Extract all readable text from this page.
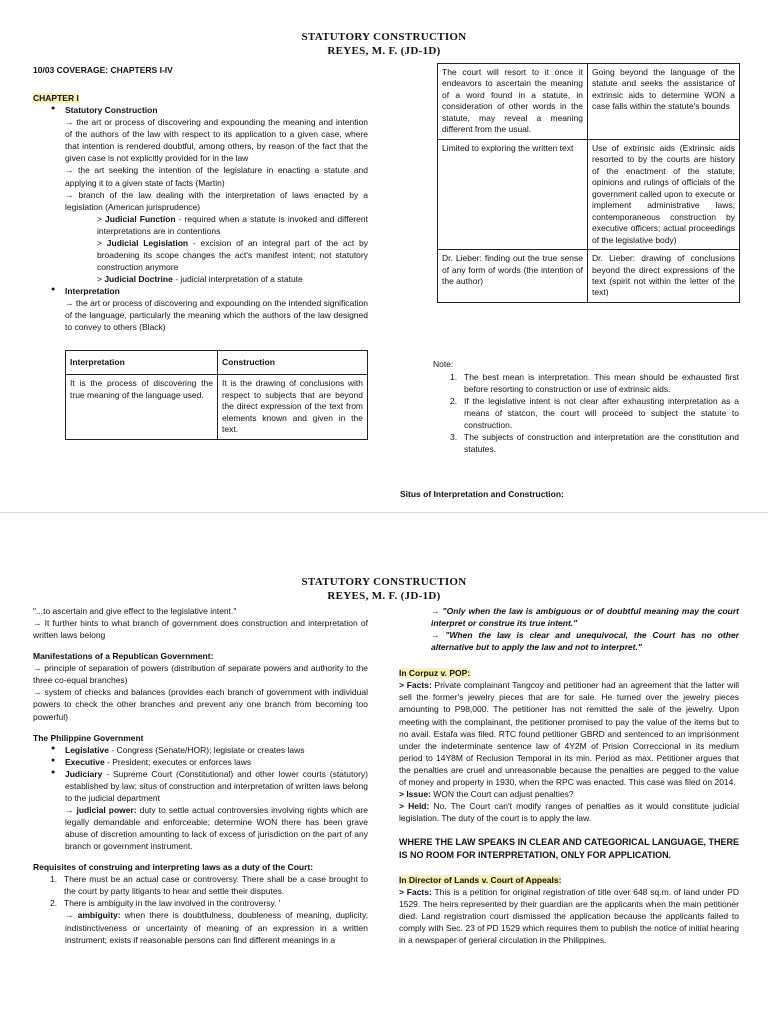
STATUTORY CONSTRUCTION
REYES, M. F. (JD-1D)
10/03 COVERAGE: CHAPTERS I-IV
CHAPTER I
● Statutory Construction
→ the art or process of discovering and expounding the meaning and intention of the authors of the law with respect to its application to a given case, where that intention is rendered doubtful, among others, by reason of the fact that the given case is not explicitly provided for in the law
→ the art seeking the intention of the legislature in enacting a statute and applying it to a given state of facts (Martin)
→ branch of the law dealing with the interpretation of laws enacted by a legislation (American jurisprudence)
> Judicial Function - required when a statute is invoked and different interpretations are in contentions
> Judicial Legislation - excision of an integral part of the act by broadening its scope changes the act's manifest intent; not statutory construction anymore
> Judicial Doctrine - judicial interpretation of a statute
● Interpretation
→ the art or process of discovering and expounding on the intended signification of the language, particularly the meaning which the authors of the law designed to convey to others (Black)
Interpretation	Construction
It is the process of discovering the true meaning of the language used.	It is the drawing of conclusions with respect to subjects that are beyond the direct expression of the text from elements known and given in the text.
The court will resort to it once it endeavors to ascertain the meaning of a word found in a statute, in consideration of other words in the statute, may reveal a meaning different from the usual.	Going beyond the language of the statute and seeks the assistance of extrinsic aids to determine WON a case falls within the statute's bounds
Limited to exploring the written text	Use of extrinsic aids (Extrinsic aids resorted to by the courts are history of the enactment of the statute; opinions and rulings of officials of the government called upon to execute or implement administrative laws; contemporaneous construction by executive officers; actual proceedings of the legislative body)
Dr. Lieber: finding out the true sense of any form of words (the intention of the author)	Dr. Lieber: drawing of conclusions beyond the direct expressions of the text (spirit not within the letter of the text)
Note:
1. The best mean is interpretation. This mean should be exhausted first before resorting to construction or use of extrinsic aids.
2. If the legislative intent is not clear after exhausting interpretation as a means of statcon, the court will proceed to subject the statute to construction.
3. The subjects of construction and interpretation are the constitution and statutes.
Situs of Interpretation and Construction:
STATUTORY CONSTRUCTION
REYES, M. F. (JD-1D)
"...to ascertain and give effect to the legislative intent."
→ It further hints to what branch of government does construction and interpretation of written laws belong
Manifestations of a Republican Government:
→ principle of separation of powers (distribution of separate powers and authority to the three co-equal branches)
→ system of checks and balances (provides each branch of government with individual powers to check the other branches and prevent any one branch from becoming too powerful)
The Philippine Government
● Legislative - Congress (Senate/HOR); legislate or creates laws
● Executive - President; executes or enforces laws
● Judiciary - Supreme Court (Constitutional) and other lower courts (statutory) established by law; situs of construction and interpretation of written laws belong to the judicial department
→ judicial power: duty to settle actual controversies involving rights which are legally demandable and enforceable; determine WON there has been grave abuse of discretion amounting to lack of excess of jurisdiction on the part of any branch or government instrument.
Requisites of construing and interpreting laws as a duty of the Court:
1. There must be an actual case or controversy. There shall be a case brought to the court by party litigants to hear and settle their disputes.
2. There is ambiguity in the law involved in the controversy. '
→ ambiguity: when there is doubtfulness, doubleness of meaning, duplicity, indistinctiveness or uncertainty of meaning of an expression in a written instrument; exists if reasonable persons can find different meanings in a
→ "Only when the law is ambiguous or of doubtful meaning may the court interpret or construe its true intent."
→ "When the law is clear and unequivocal, the Court has no other alternative but to apply the law and not to interpret."
In Corpuz v. POP:
> Facts: Private complainant Tangcoy and petitioner had an agreement that the latter will sell the former's jewelry pieces that are for sale. He turned over the jewelry pieces amounting to P98,000. The petitioner has not remitted the sale of the jewelry. Upon meeting with the complainant, the petitioner promised to pay the value of the items but to no avail. Estafa was filed. RTC found petitioner GBRD and sentenced to an imprisonment under the indeterminate sentence law of 4Y2M of Prision Correccional in its medium period to 14Y8M of Reclusion Temporal in its min. Period as max. Petitioner argues that the penalties are cruel and unreasonable because the penalties are pegged to the value of money and property in 1930, when the RPC was enacted. This case was filed on 2014.
> Issue: WON the Court can adjust penalties?
> Held: No. The Court can't modify ranges of penalties as it would constitute judicial legislation. The duty of the court is to apply the law.
WHERE THE LAW SPEAKS IN CLEAR AND CATEGORICAL LANGUAGE, THERE IS NO ROOM FOR INTERPRETATION, ONLY FOR APPLICATION.
In Director of Lands v. Court of Appeals:
> Facts: This is a petition for original registration of title over 648 sq.m. of land under PD 1529. The heirs represented by their guardian are the applicants when the main petitioner died. Land registration court dismissed the application because the applicants failed to comply with Sec. 23 of PD 1529 which requires them to publish the notice of initial hearing in a newspaper of general circulation in the Philippines.
